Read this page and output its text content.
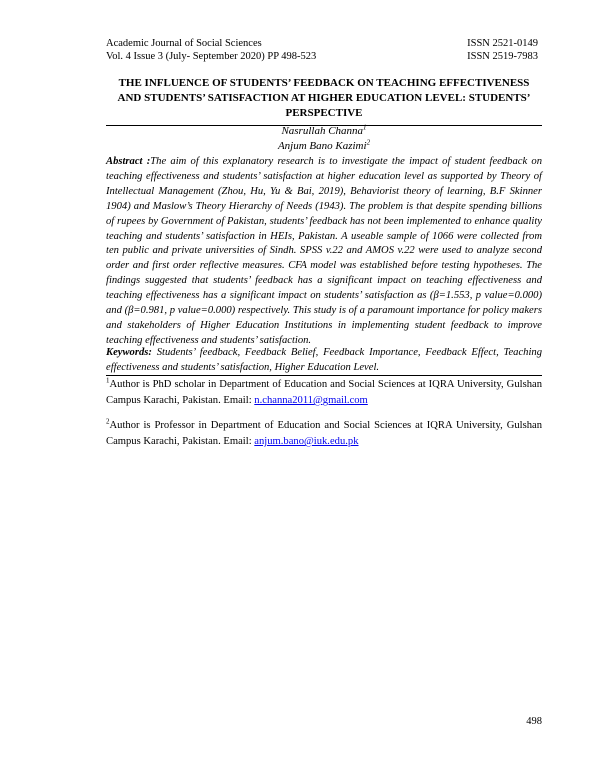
Academic Journal of Social Sciences
Vol. 4 Issue 3 (July- September 2020) PP 498-523
ISSN 2521-0149
ISSN 2519-7983
THE INFLUENCE OF STUDENTS’ FEEDBACK ON TEACHING EFFECTIVENESS AND STUDENTS’ SATISFACTION AT HIGHER EDUCATION LEVEL: STUDENTS’ PERSPECTIVE
Nasrullah Channa$^1$
Anjum Bano Kazimi$^2$
Abstract :The aim of this explanatory research is to investigate the impact of student feedback on teaching effectiveness and students’ satisfaction at higher education level as supported by Theory of Intellectual Management (Zhou, Hu, Yu & Bai, 2019), Behaviorist theory of learning, B.F Skinner 1904) and Maslow’s Theory Hierarchy of Needs (1943). The problem is that despite spending billions of rupees by Government of Pakistan, students’ feedback has not been implemented to enhance quality teaching and students’ satisfaction in HEIs, Pakistan. A useable sample of 1066 were collected from ten public and private universities of Sindh. SPSS v.22 and AMOS v.22 were used to analyze second order and first order reflective measures. CFA model was established before testing hypotheses. The findings suggested that students’ feedback has a significant impact on teaching effectiveness and teaching effectiveness has a significant impact on students’ satisfaction as (β=1.553, p value=0.000) and (β=0.981, p value=0.000) respectively. This study is of a paramount importance for policy makers and stakeholders of Higher Education Institutions in implementing student feedback to improve teaching effectiveness and students’ satisfaction.
Keywords: Students’ feedback, Feedback Belief, Feedback Importance, Feedback Effect, Teaching effectiveness and students’ satisfaction, Higher Education Level.
$^1$Author is PhD scholar in Department of Education and Social Sciences at IQRA University, Gulshan Campus Karachi, Pakistan. Email: n.channa2011@gmail.com
$^2$Author is Professor in Department of Education and Social Sciences at IQRA University, Gulshan Campus Karachi, Pakistan. Email: anjum.bano@iuk.edu.pk
498
